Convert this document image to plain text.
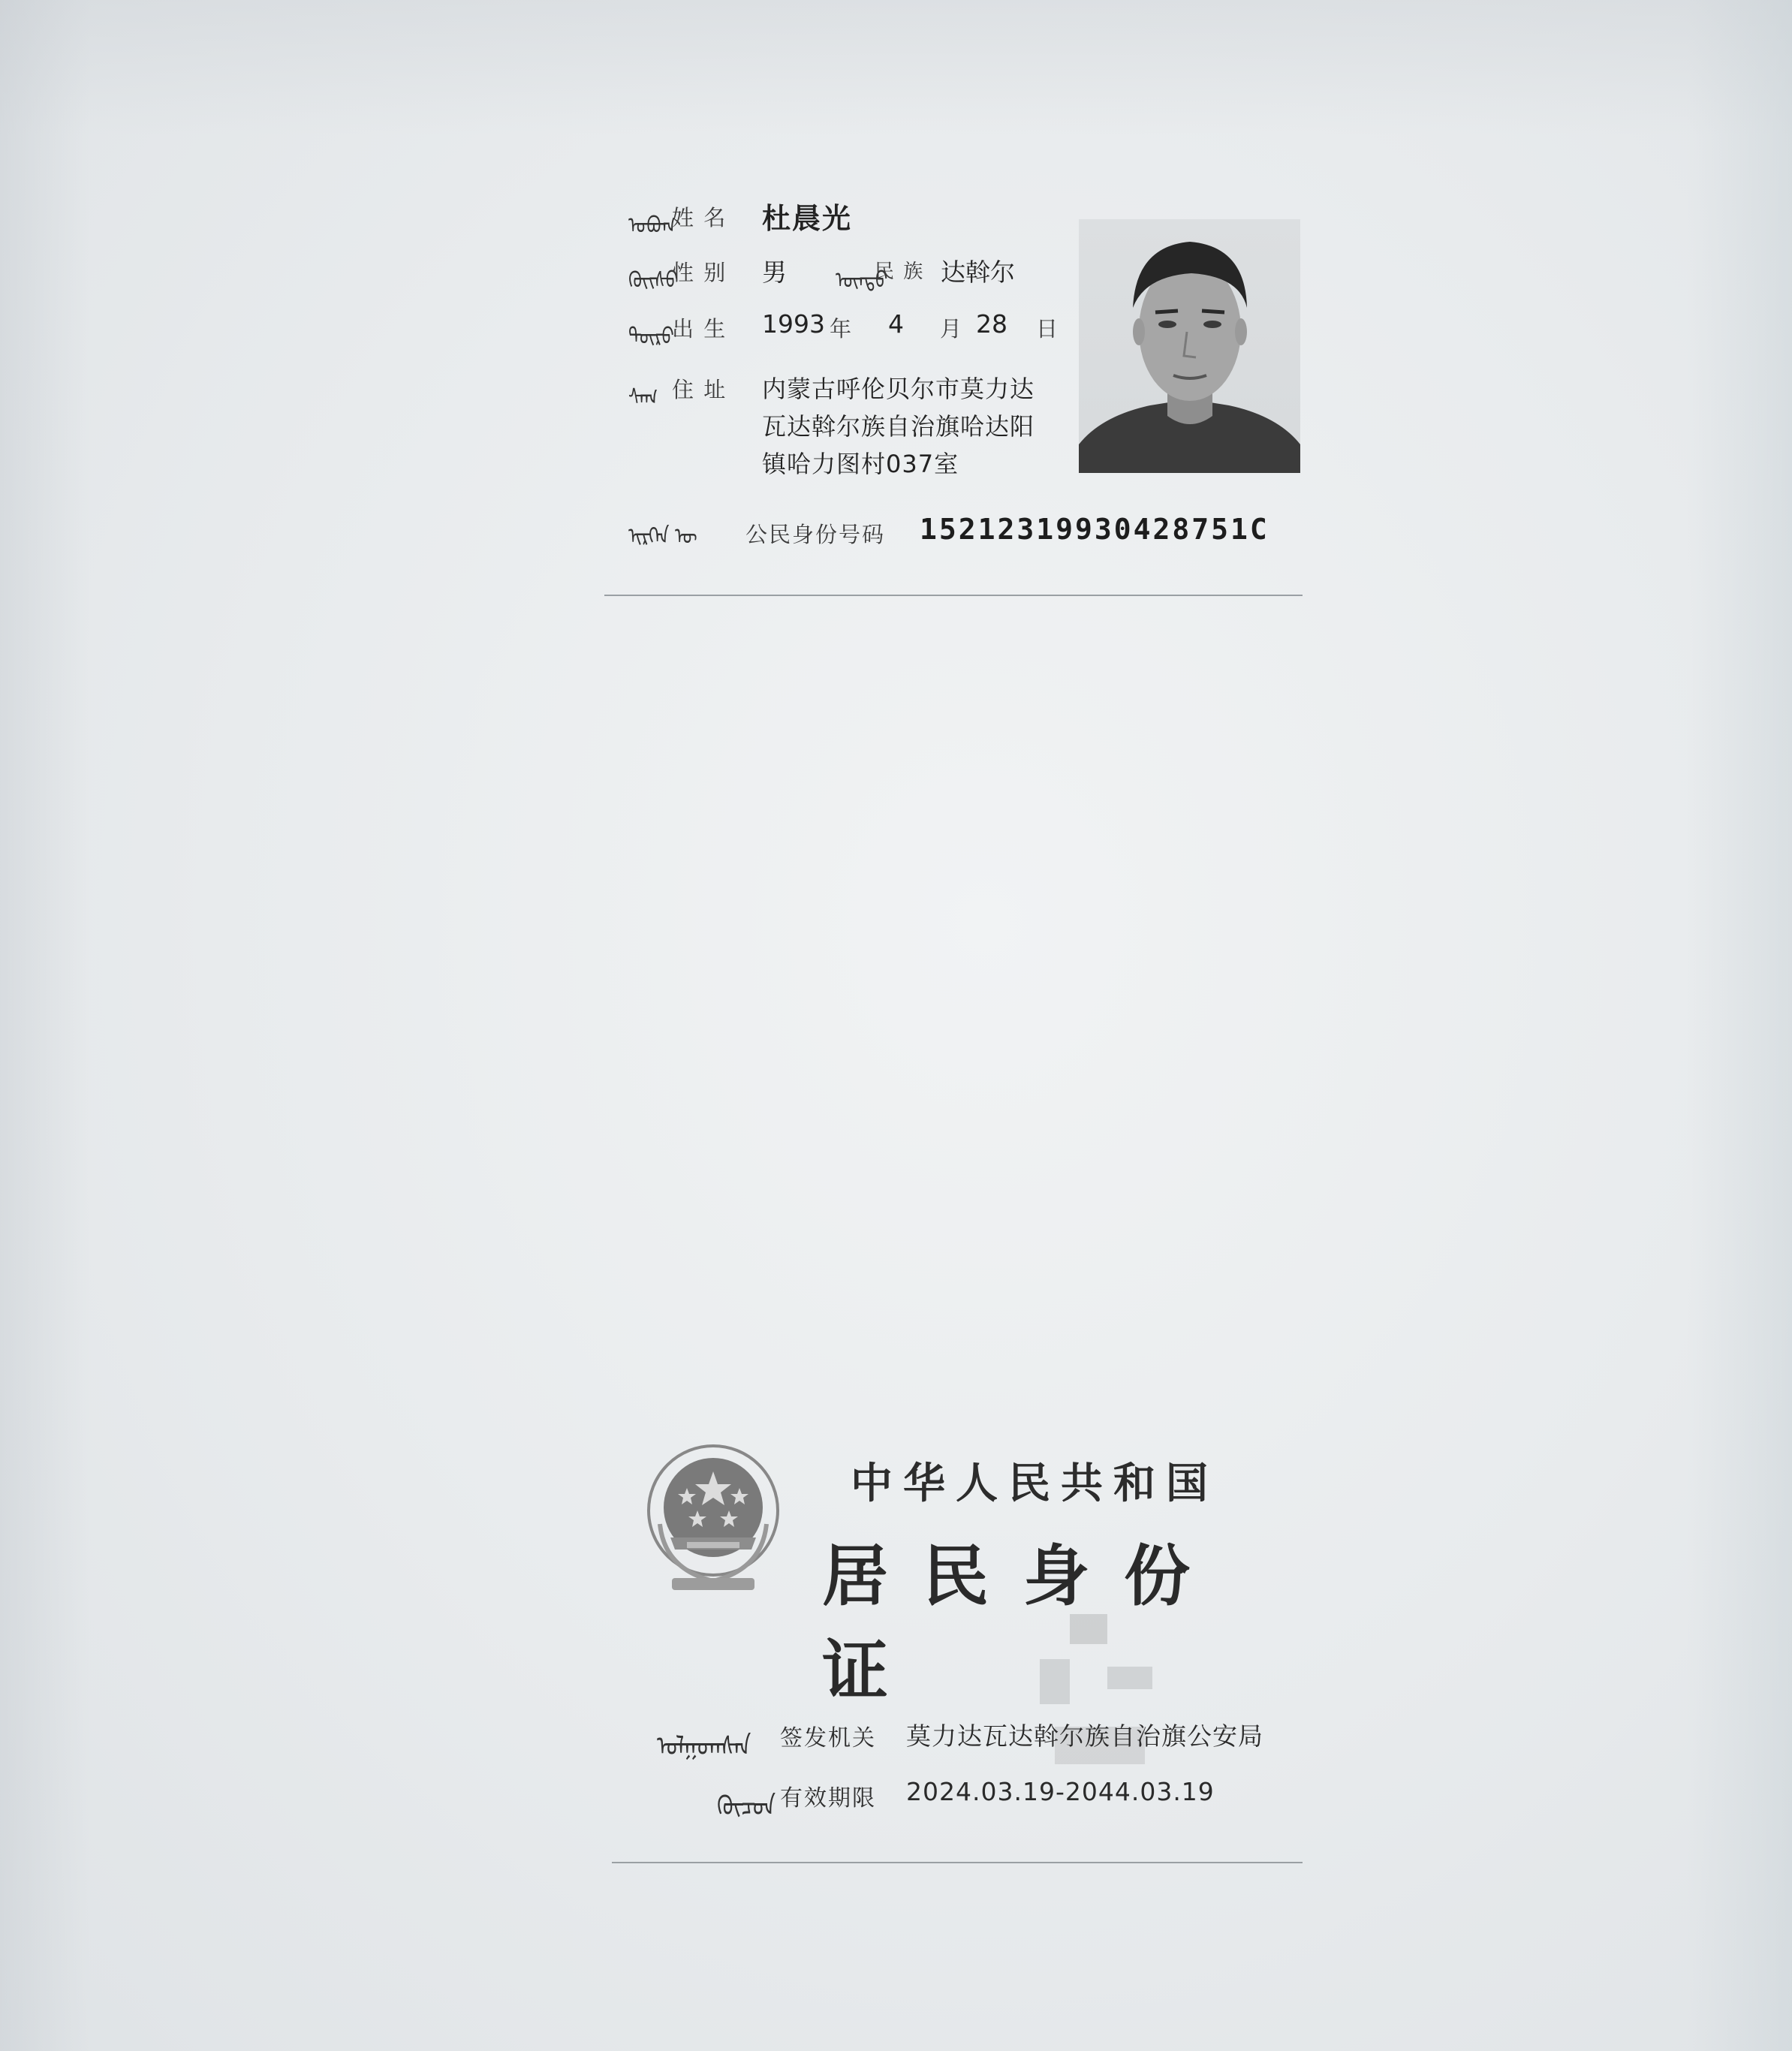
ᠣᠪᠤᠭ
姓 名 杜晨光
ᠬᠦᠢᠰᠦ
性 别 男 ᠦᠨᠳᠦ
民 族 达斡尔
ᠲᠦᠷᠦ
出 生 1993 年 4 月 28 日
ᠰᠠᠭ 住 址 内蒙古呼伦贝尔市莫力达
瓦达斡尔族自治旗哈达阳
镇哈力图村037室
ᠢᠷᠭᠡᠨ ᠦ 公民身份号码 15212319930428751C
中华人民共和国
居民身份证
ᠣᠯᠭᠤᠭᠰᠠᠨ 签发机关 莫力达瓦达斡尔族自治旗公安局
ᠬᠦᠴᠦᠨ 有效期限 2024.03.19-2044.03.19
